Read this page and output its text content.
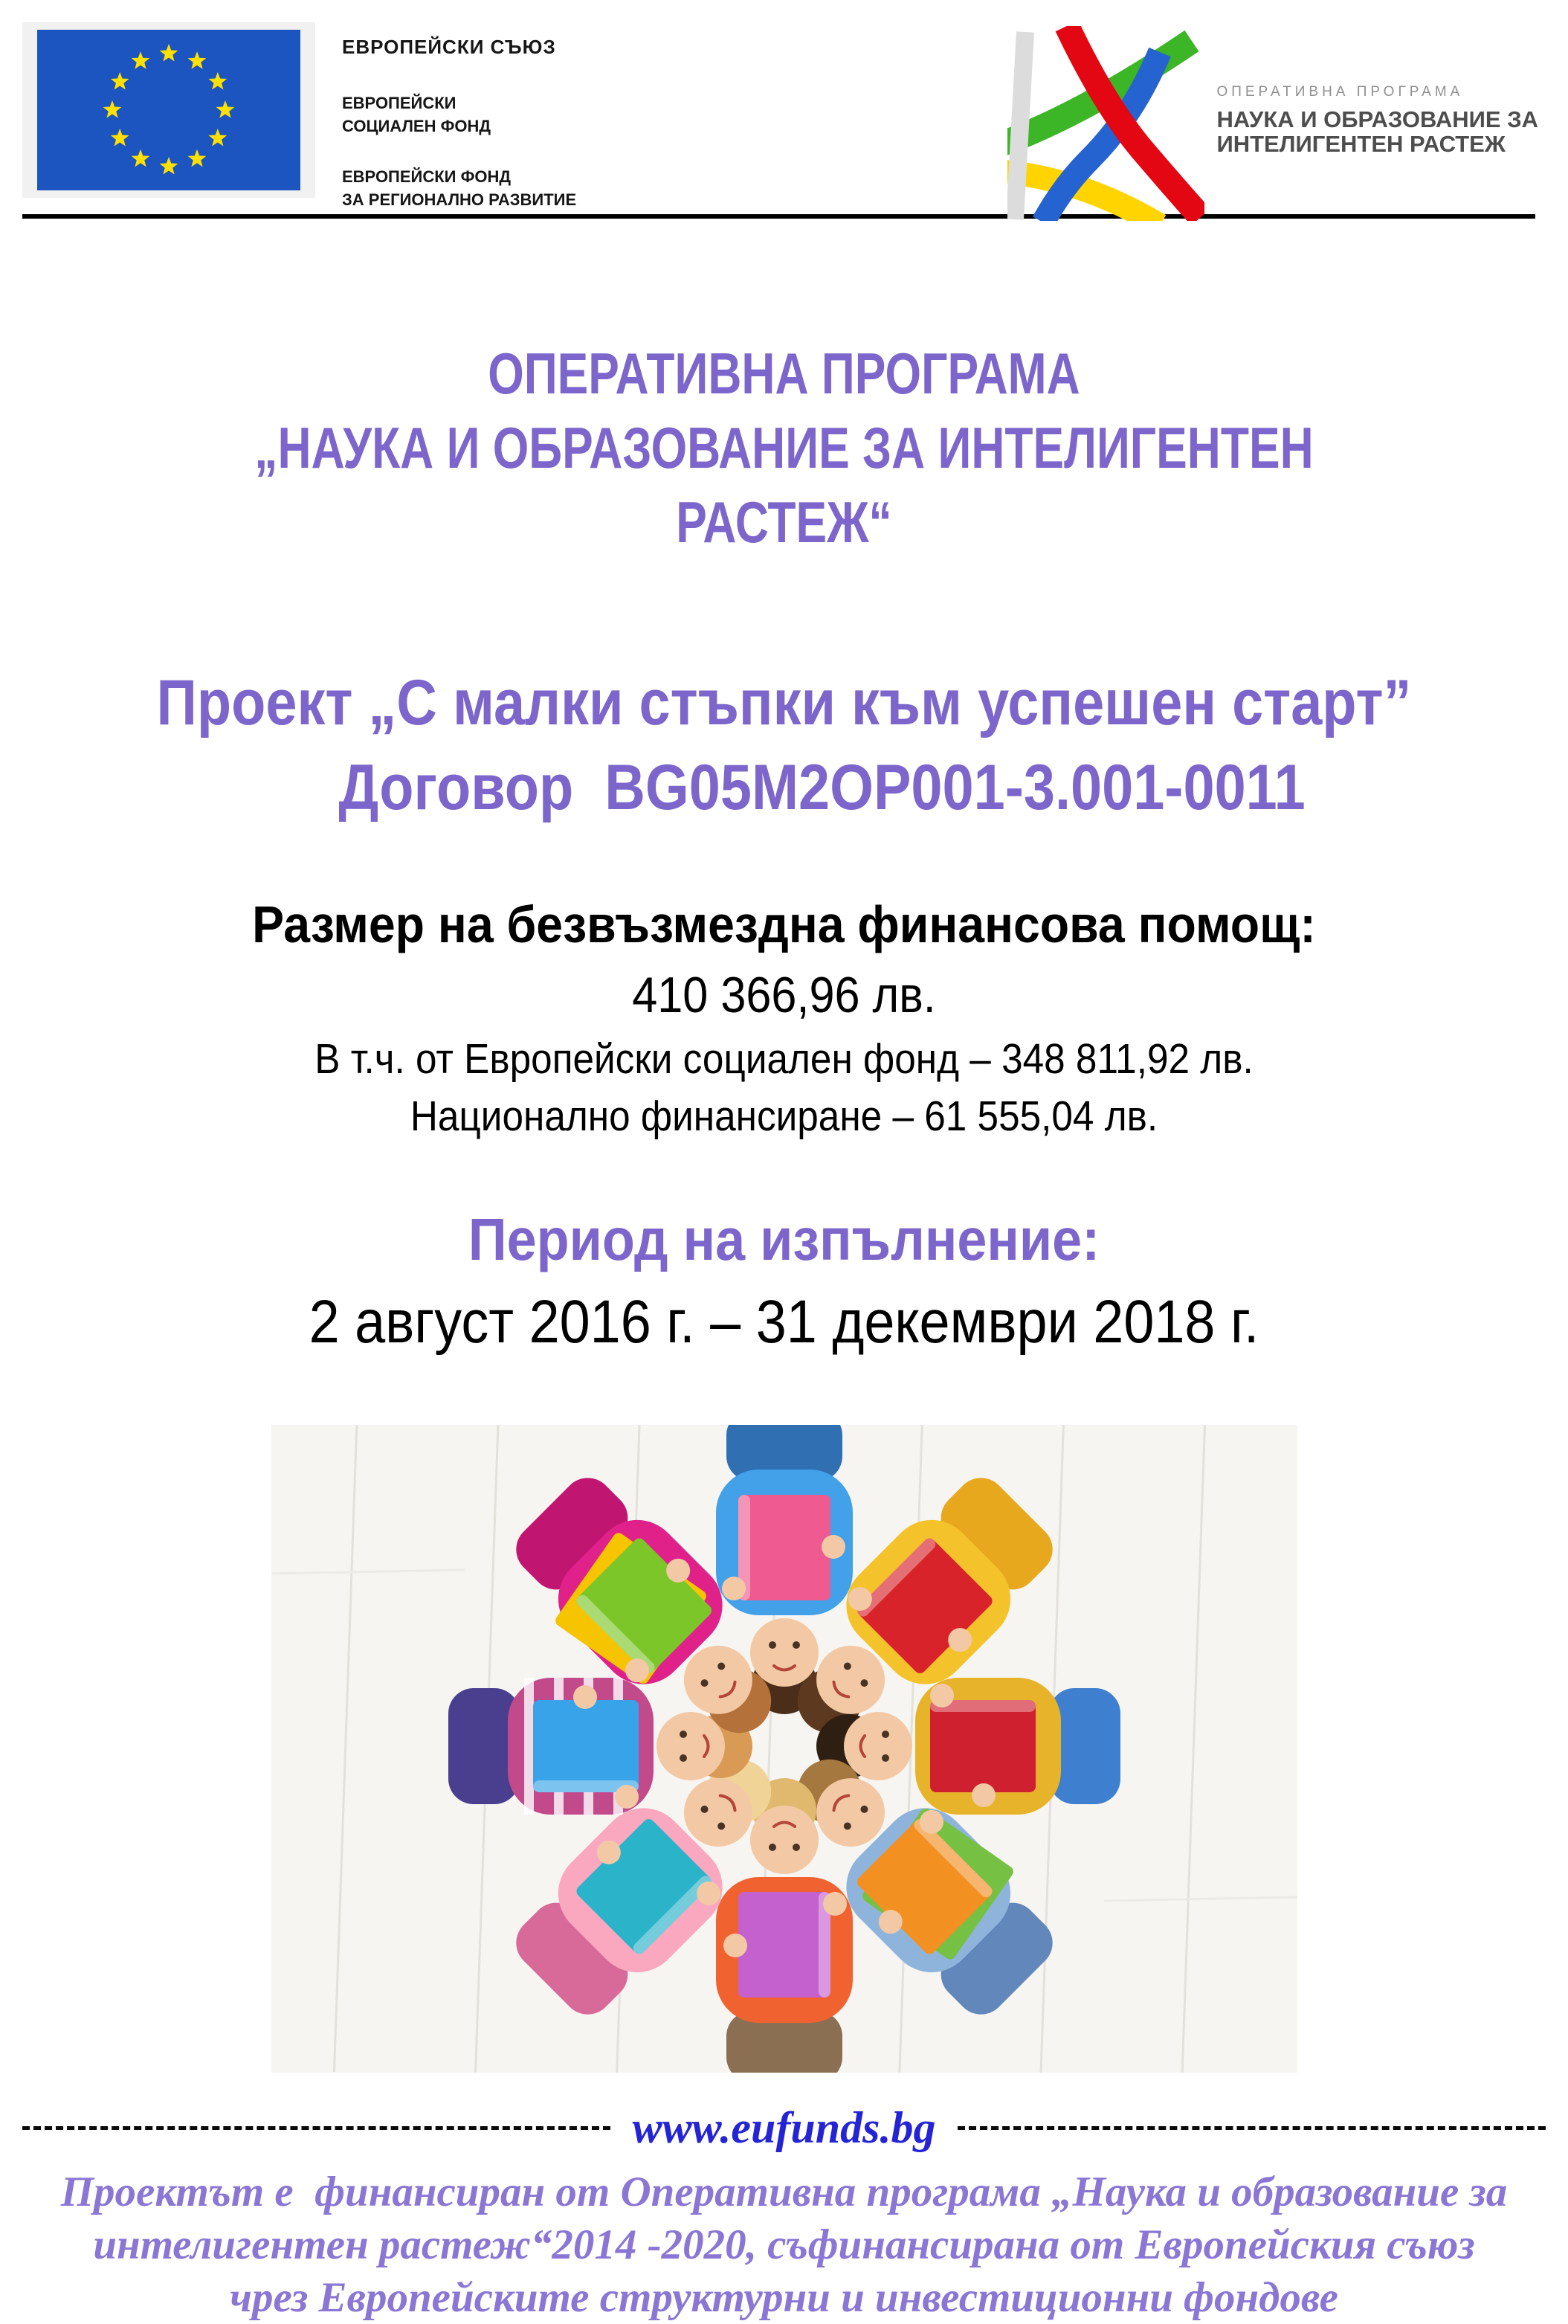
ЕВРОПЕЙСКИ СЪЮЗ
ЕВРОПЕЙСКИ
СОЦИАЛЕН ФОНД
ЕВРОПЕЙСКИ ФОНД
ЗА РЕГИОНАЛНО РАЗВИТИЕ
ОПЕРАТИВНА ПРОГРАМА
НАУКА И ОБРАЗОВАНИЕ ЗА
ИНТЕЛИГЕНТЕН РАСТЕЖ
ОПЕРАТИВНА ПРОГРАМА
„НАУКА И ОБРАЗОВАНИЕ ЗА ИНТЕЛИГЕНТЕН РАСТЕЖ“
Проект „С малки стъпки към успешен старт”
Договор  BG05M2OP001-3.001-0011
Размер на безвъзмездна финансова помощ:
410 366,96 лв.
В т.ч. от Европейски социален фонд – 348 811,92 лв.
Национално финансиране – 61 555,04 лв.
Период на изпълнение:
2 август 2016 г. – 31 декември 2018 г.
www.eufunds.bg
Проектът е  финансиран от Оперативна програма „Наука и образование за
интелигентен растеж“2014 -2020, съфинансирана от Европейския съюз
чрез Европейските структурни и инвестиционни фондове
